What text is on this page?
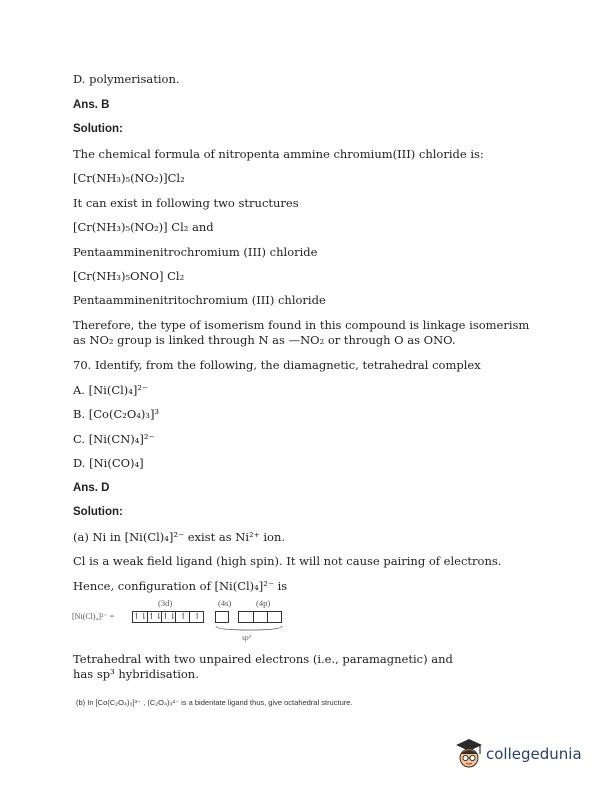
D. polymerisation.
Ans. B
Solution:
The chemical formula of nitropenta ammine chromium(III) chloride is:
[Cr(NH₃)₅(NO₂)]Cl₂
It can exist in following two structures
[Cr(NH₃)₅(NO₂)] Cl₂ and
Pentaamminenitrochromium (III) chloride
[Cr(NH₃)₅ONO] Cl₂
Pentaamminenitritochromium (III) chloride
Therefore, the type of isomerism found in this compound is linkage isomerism
as NO₂ group is linked through N as —NO₂ or through O as ONO.
70. Identify, from the following, the diamagnetic, tetrahedral complex
A. [Ni(Cl)₄]²⁻
B. [Co(C₂O₄)₃]³
C. [Ni(CN)₄]²⁻
D. [Ni(CO)₄]
Ans. D
Solution:
(a) Ni in [Ni(Cl)₄]²⁻ exist as Ni²⁺ ion.
Cl is a weak field ligand (high spin). It will not cause pairing of electrons.
Hence, configuration of [Ni(Cl)₄]²⁻ is
(3d)	(4s)	(4p)
[Ni(Cl)₄]²⁻ = ↿⇂ ↿⇂ ↿⇂ ↿ ↿
sp³
Tetrahedral with two unpaired electrons (i.e., paramagnetic) and
has sp³ hybridisation.
(b) In [Co(C₂O₄)₃]³⁻ , (C₂O₄)₃²⁻ is a bidentate ligand thus, give octahedral structure.
collegedunia
